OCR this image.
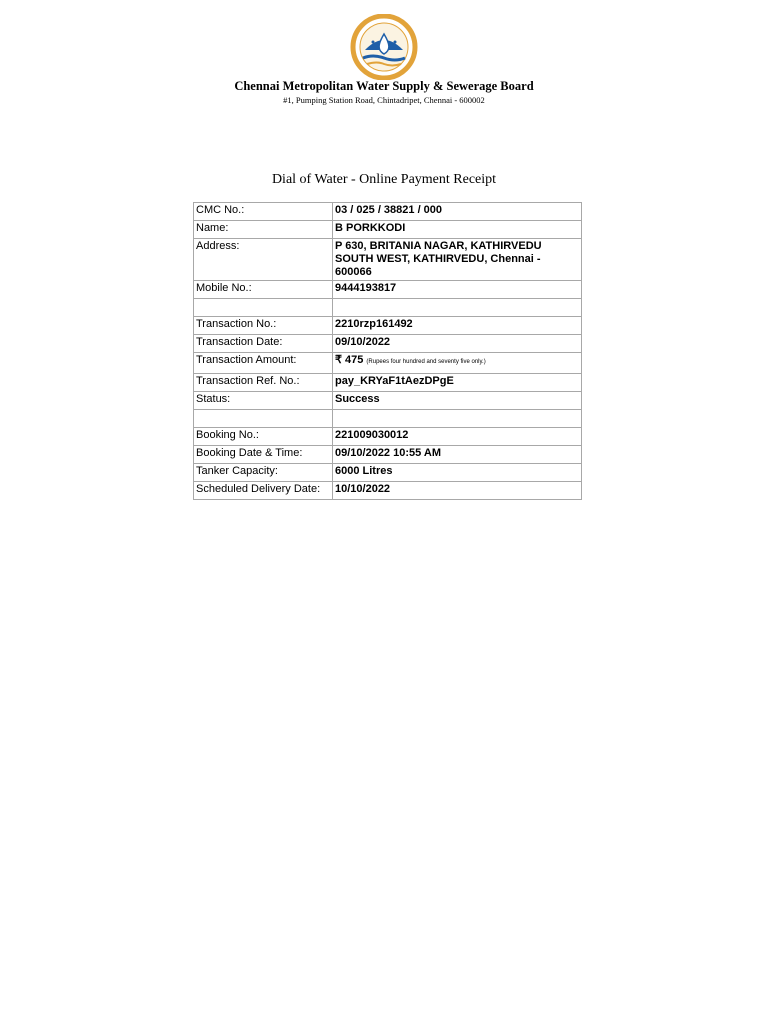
Chennai Metropolitan Water Supply & Sewerage Board
#1, Pumping Station Road, Chintadripet, Chennai - 600002
Dial of Water - Online Payment Receipt
CMC No.:	03 / 025 / 38821 / 000
Name:	B PORKKODI
Address:	P 630, BRITANIA NAGAR, KATHIRVEDU SOUTH WEST, KATHIRVEDU, Chennai - 600066
Mobile No.:	9444193817

Transaction No.:	2210rzp161492
Transaction Date:	09/10/2022
Transaction Amount:	₹ 475 (Rupees four hundred and seventy five only.)
Transaction Ref. No.:	pay_KRYaF1tAezDPgE
Status:	Success

Booking No.:	221009030012
Booking Date & Time:	09/10/2022 10:55 AM
Tanker Capacity:	6000 Litres
Scheduled Delivery Date:	10/10/2022
